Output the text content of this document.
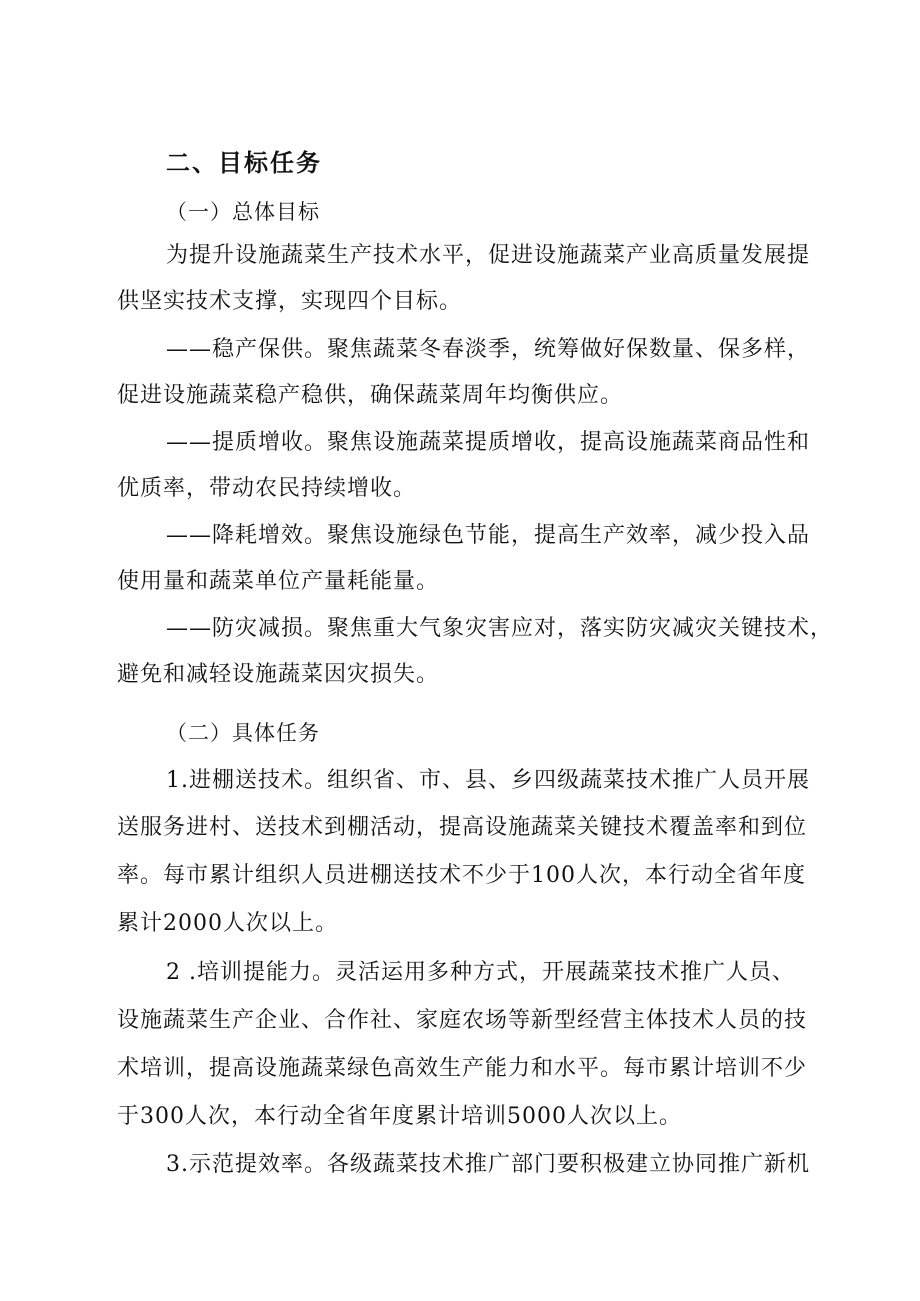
二、目标任务
（一）总体目标
为提升设施蔬菜生产技术水平，促进设施蔬菜产业高质量发展提
供坚实技术支撑，实现四个目标。
——稳产保供。聚焦蔬菜冬春淡季，统筹做好保数量、保多样，
促进设施蔬菜稳产稳供，确保蔬菜周年均衡供应。
——提质增收。聚焦设施蔬菜提质增收，提高设施蔬菜商品性和
优质率，带动农民持续增收。
——降耗增效。聚焦设施绿色节能，提高生产效率，减少投入品
使用量和蔬菜单位产量耗能量。
——防灾减损。聚焦重大气象灾害应对，落实防灾减灾关键技术，
避免和减轻设施蔬菜因灾损失。
（二）具体任务
1.进棚送技术。组织省、市、县、乡四级蔬菜技术推广人员开展
送服务进村、送技术到棚活动，提高设施蔬菜关键技术覆盖率和到位
率。每市累计组织人员进棚送技术不少于100人次，本行动全省年度
累计2000人次以上。
2 .培训提能力。灵活运用多种方式，开展蔬菜技术推广人员、
设施蔬菜生产企业、合作社、家庭农场等新型经营主体技术人员的技
术培训，提高设施蔬菜绿色高效生产能力和水平。每市累计培训不少
于300人次，本行动全省年度累计培训5000人次以上。
3.示范提效率。各级蔬菜技术推广部门要积极建立协同推广新机
